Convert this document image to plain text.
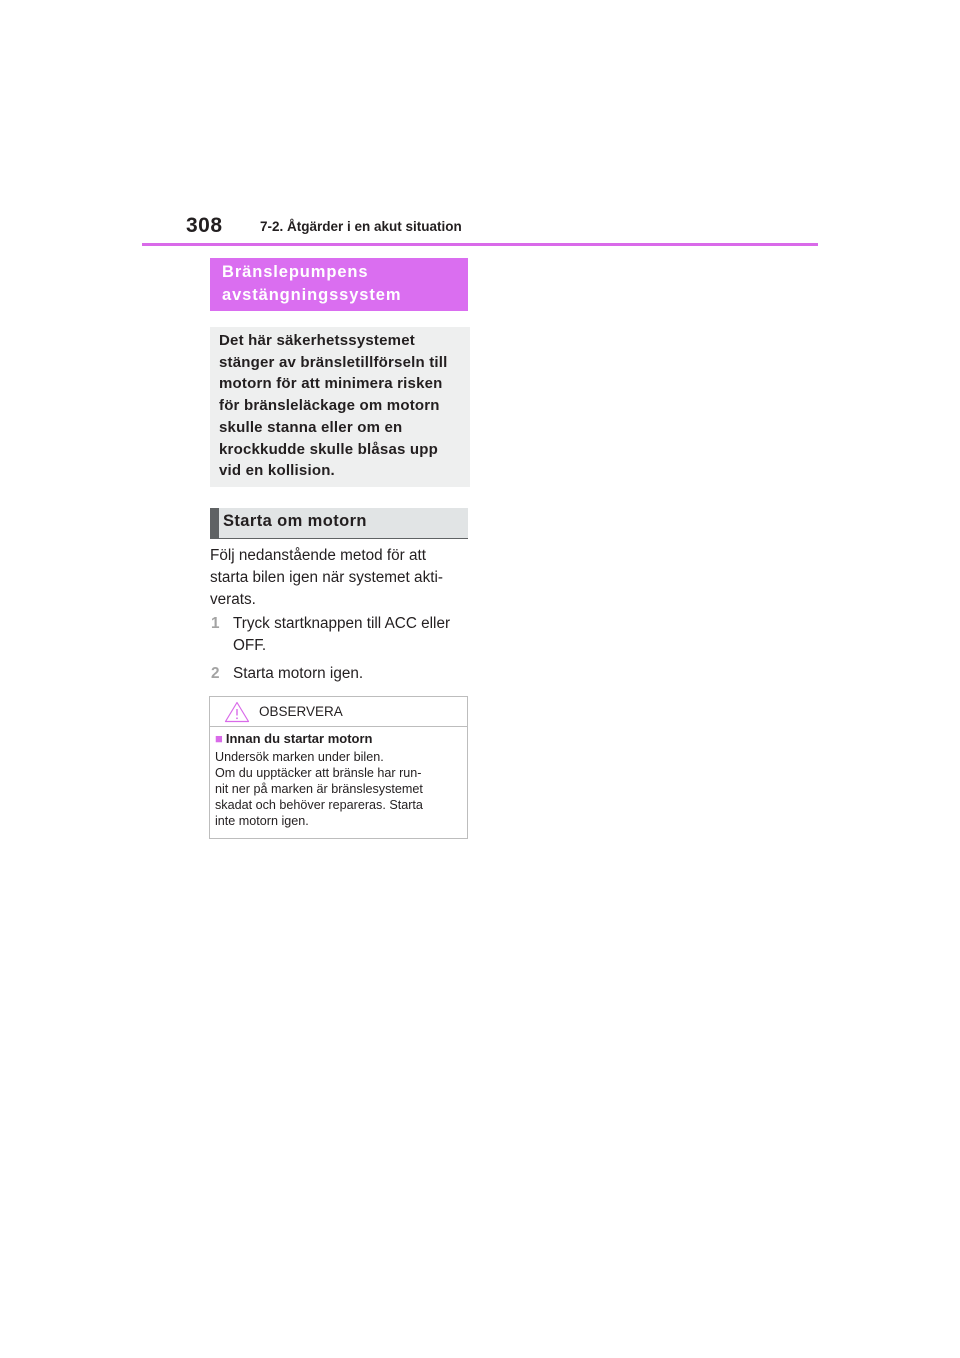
308	7-2. Åtgärder i en akut situation
Bränslepumpens
avstängningssystem

Det här säkerhetssystemet
stänger av bränsletillförseln till
motorn för att minimera risken
för bränsleläckage om motorn
skulle stanna eller om en
krockkudde skulle blåsas upp
vid en kollision.

Starta om motorn

Följ nedanstående metod för att
starta bilen igen när systemet akti-
verats.

1 Tryck startknappen till ACC eller
OFF.
2 Starta motorn igen.
OBSERVERA
■ Innan du startar motorn

Undersök marken under bilen.
Om du upptäcker att bränsle har run-
nit ner på marken är bränslesystemet
skadat och behöver repareras. Starta
inte motorn igen.
